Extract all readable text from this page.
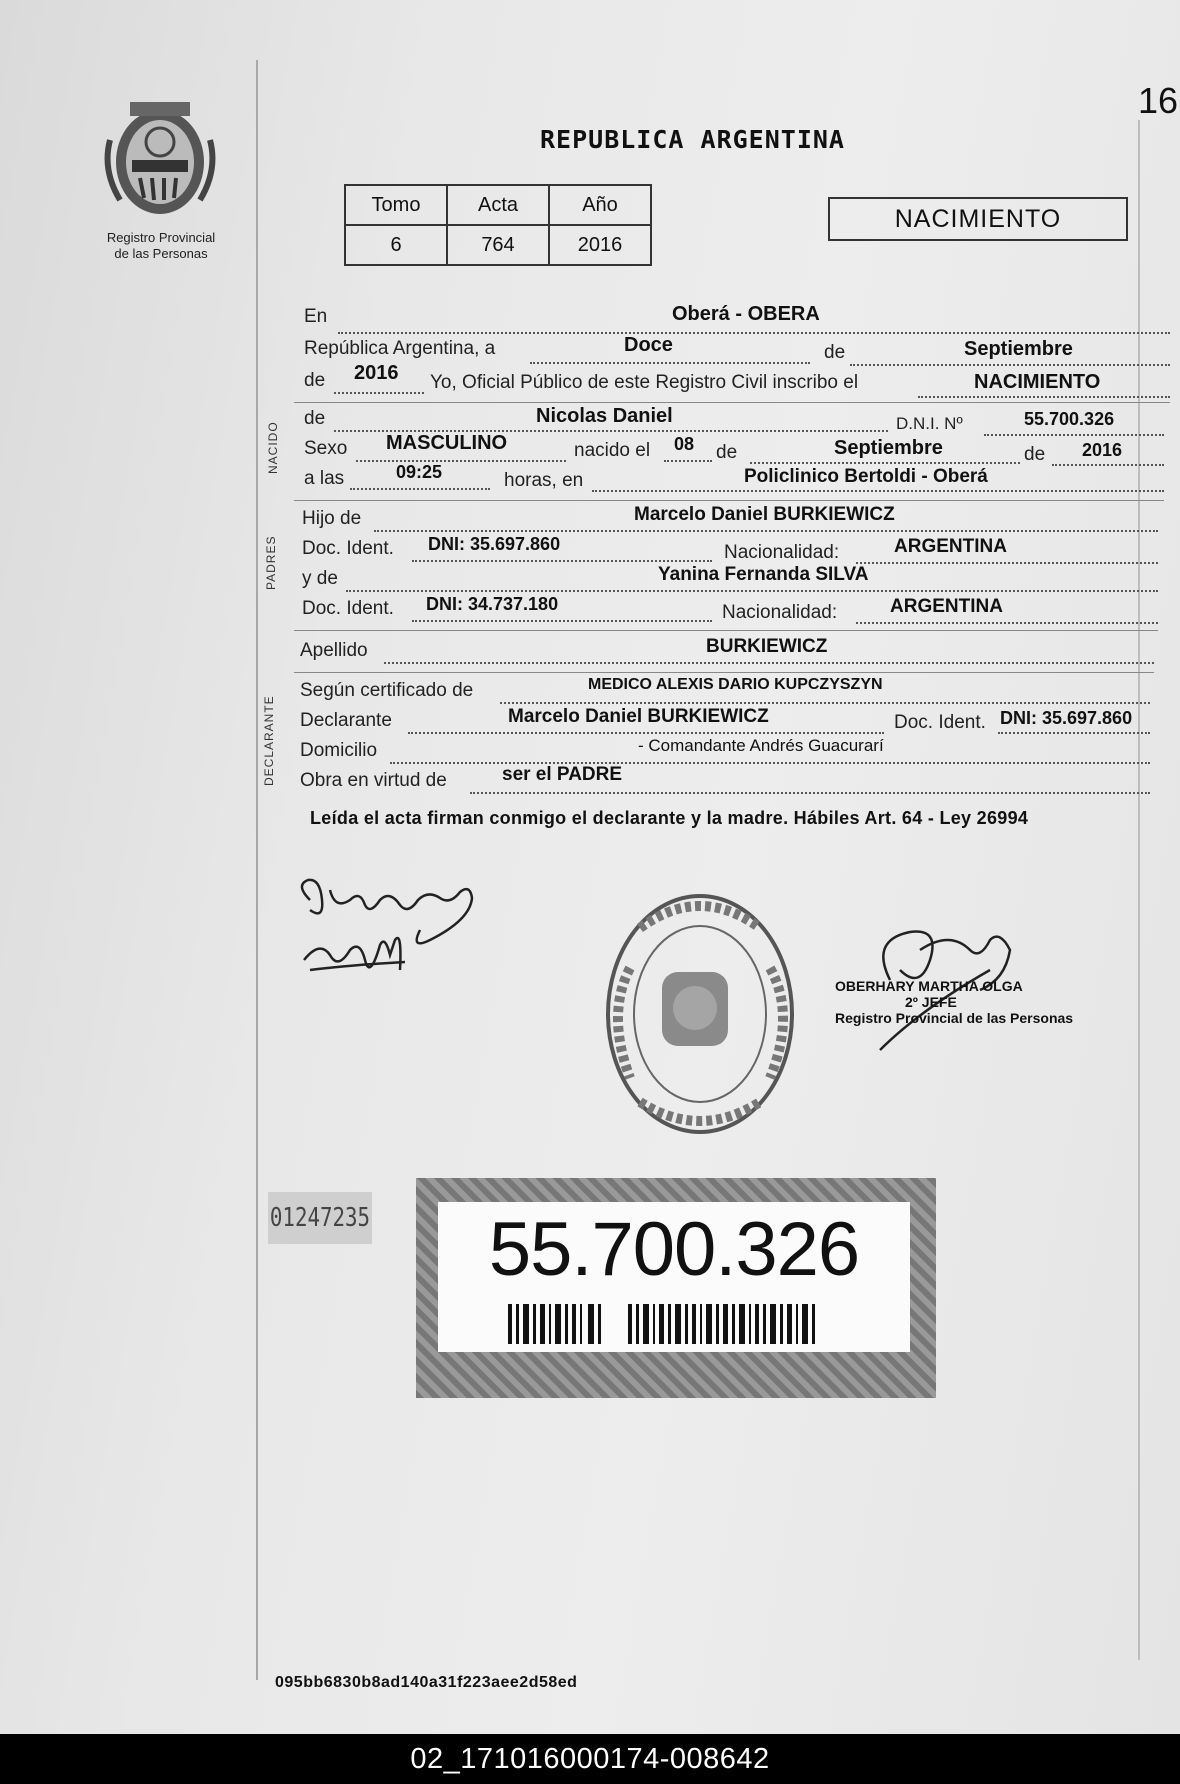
16
Registro Provincial
de las Personas
REPUBLICA ARGENTINA
Tomo	Acta	Año
6	764	2016
NACIMIENTO
En	Oberá - OBERA
República Argentina, a	Doce	de	Septiembre
de 2016 Yo, Oficial Público de este Registro Civil inscribo el	NACIMIENTO
NACIDO
de	Nicolas Daniel	D.N.I. Nº	55.700.326
Sexo MASCULINO	nacido el 08 de	Septiembre	de 2016
a las	09:25	horas, en	Policlinico Bertoldi - Oberá
PADRES
Hijo de	Marcelo Daniel BURKIEWICZ
Doc. Ident. DNI: 35.697.860	Nacionalidad:	ARGENTINA
y de	Yanina Fernanda SILVA
Doc. Ident. DNI: 34.737.180	Nacionalidad:	ARGENTINA
Apellido	BURKIEWICZ
DECLARANTE
Según certificado de	MEDICO ALEXIS DARIO KUPCZYSZYN
Declarante	Marcelo Daniel BURKIEWICZ	Doc. Ident. DNI: 35.697.860
Domicilio	- Comandante Andrés Guacurarí
Obra en virtud de	ser el PADRE
Leída el acta firman conmigo el declarante y la madre. Hábiles Art. 64 - Ley 26994
OBERHARY MARTHA OLGA
2º JEFE
Registro Provincial de las Personas
01247235	55.700.326
095bb6830b8ad140a31f223aee2d58ed
02_171016000174-008642
